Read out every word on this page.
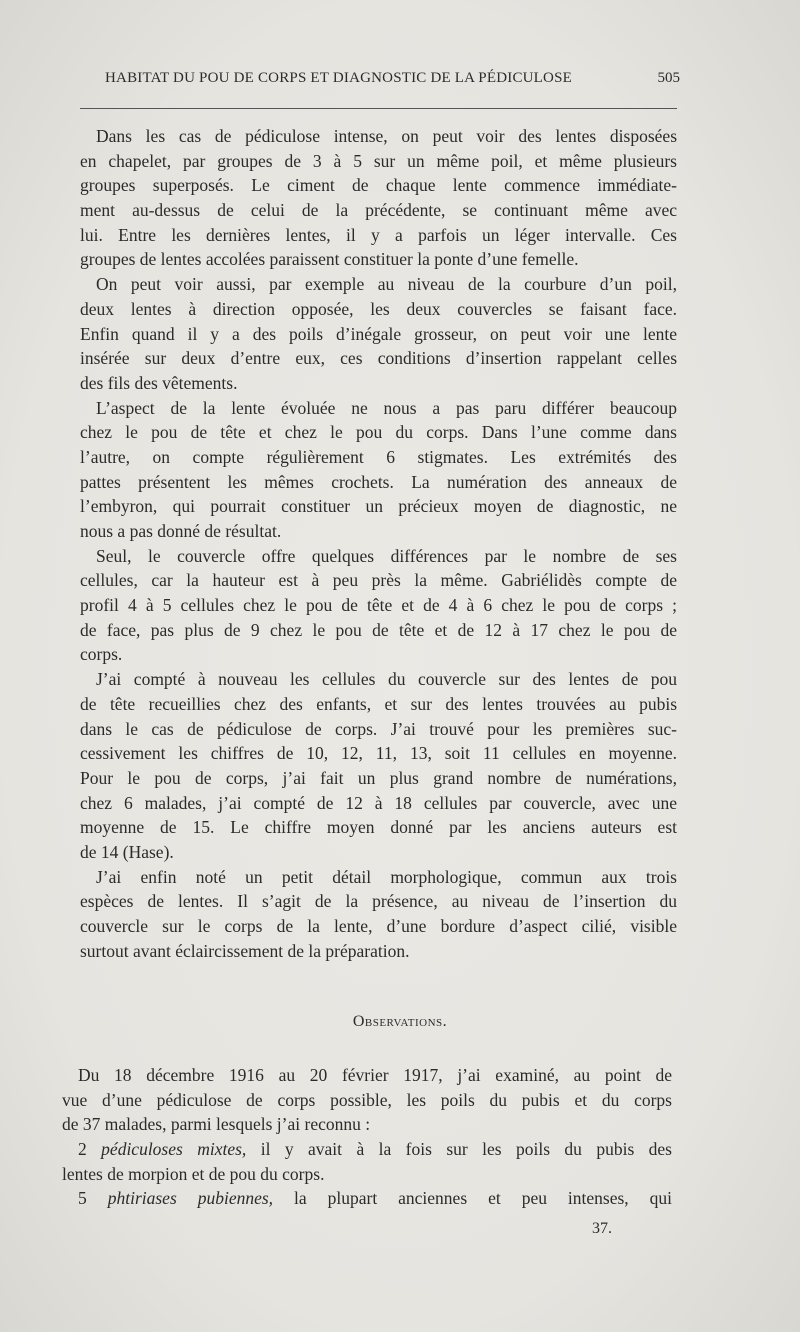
HABITAT DU POU DE CORPS ET DIAGNOSTIC DE LA PÉDICULOSE	505
Dans les cas de pédiculose intense, on peut voir des lentes disposées
en chapelet, par groupes de 3 à 5 sur un même poil, et même plusieurs
groupes superposés. Le ciment de chaque lente commence immédiate-
ment au-dessus de celui de la précédente, se continuant même avec
lui. Entre les dernières lentes, il y a parfois un léger intervalle. Ces
groupes de lentes accolées paraissent constituer la ponte d’une femelle.
On peut voir aussi, par exemple au niveau de la courbure d’un poil,
deux lentes à direction opposée, les deux couvercles se faisant face.
Enfin quand il y a des poils d’inégale grosseur, on peut voir une lente
insérée sur deux d’entre eux, ces conditions d’insertion rappelant celles
des fils des vêtements.
L’aspect de la lente évoluée ne nous a pas paru différer beaucoup
chez le pou de tête et chez le pou du corps. Dans l’une comme dans
l’autre, on compte régulièrement 6 stigmates. Les extrémités des
pattes présentent les mêmes crochets. La numération des anneaux de
l’embyron, qui pourrait constituer un précieux moyen de diagnostic, ne
nous a pas donné de résultat.
Seul, le couvercle offre quelques différences par le nombre de ses
cellules, car la hauteur est à peu près la même. Gabriélidès compte de
profil 4 à 5 cellules chez le pou de tête et de 4 à 6 chez le pou de corps ;
de face, pas plus de 9 chez le pou de tête et de 12 à 17 chez le pou de
corps.
J’ai compté à nouveau les cellules du couvercle sur des lentes de pou
de tête recueillies chez des enfants, et sur des lentes trouvées au pubis
dans le cas de pédiculose de corps. J’ai trouvé pour les premières suc-
cessivement les chiffres de 10, 12, 11, 13, soit 11 cellules en moyenne.
Pour le pou de corps, j’ai fait un plus grand nombre de numérations,
chez 6 malades, j’ai compté de 12 à 18 cellules par couvercle, avec une
moyenne de 15. Le chiffre moyen donné par les anciens auteurs est
de 14 (Hase).
J’ai enfin noté un petit détail morphologique, commun aux trois
espèces de lentes. Il s’agit de la présence, au niveau de l’insertion du
couvercle sur le corps de la lente, d’une bordure d’aspect cilié, visible
surtout avant éclaircissement de la préparation.
Observations.
Du 18 décembre 1916 au 20 février 1917, j’ai examiné, au point de
vue d’une pédiculose de corps possible, les poils du pubis et du corps
de 37 malades, parmi lesquels j’ai reconnu :
2 pédiculoses mixtes, il y avait à la fois sur les poils du pubis des
lentes de morpion et de pou du corps.
5 phtiriases pubiennes, la plupart anciennes et peu intenses, qui
37.
